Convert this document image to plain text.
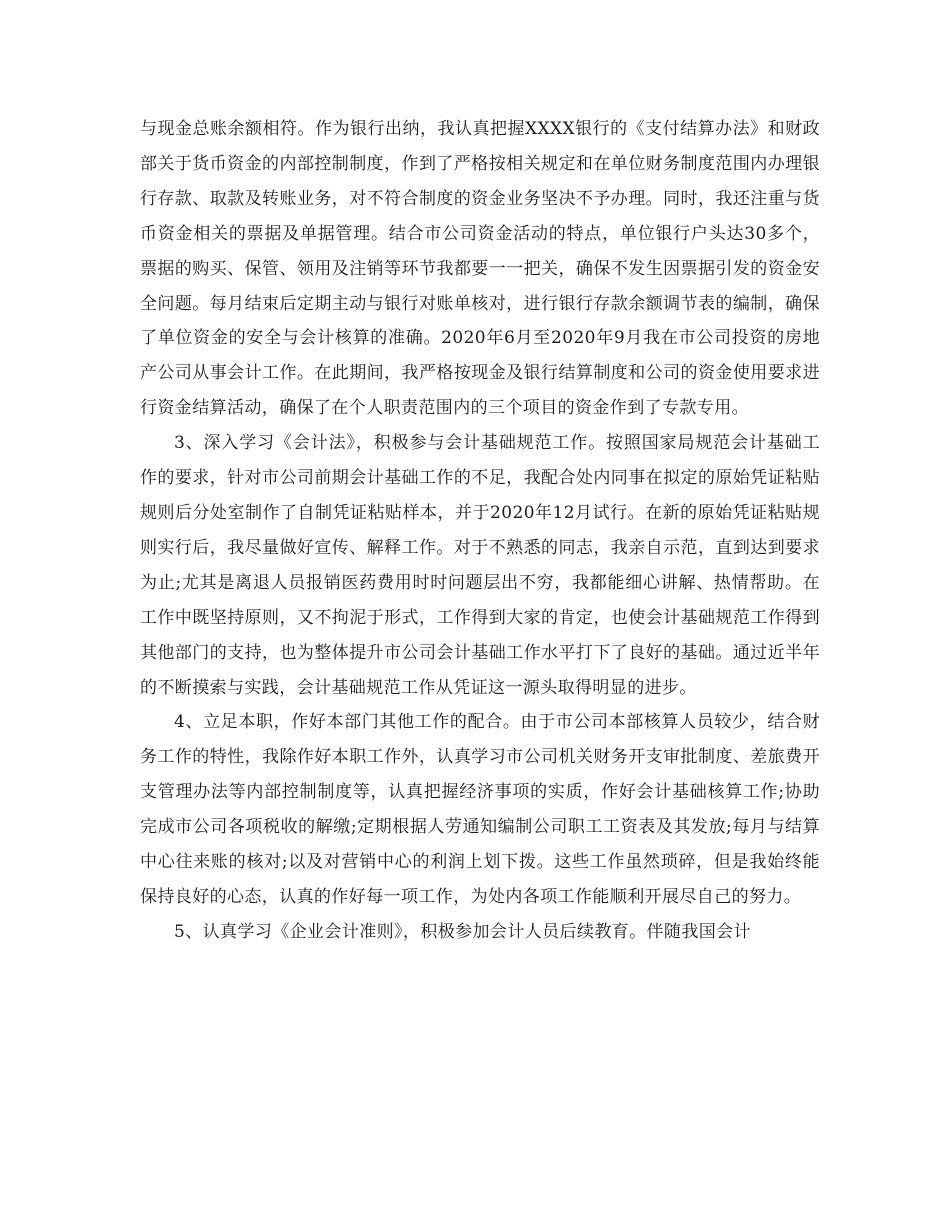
与现金总账余额相符。作为银行出纳，我认真把握XXXX银行的《支付结算办法》和财政部关于货币资金的内部控制制度，作到了严格按相关规定和在单位财务制度范围内办理银行存款、取款及转账业务，对不符合制度的资金业务坚决不予办理。同时，我还注重与货币资金相关的票据及单据管理。结合市公司资金活动的特点，单位银行户头达30多个，票据的购买、保管、领用及注销等环节我都要一一把关，确保不发生因票据引发的资金安全问题。每月结束后定期主动与银行对账单核对，进行银行存款余额调节表的编制，确保了单位资金的安全与会计核算的准确。2020年6月至2020年9月我在市公司投资的房地产公司从事会计工作。在此期间，我严格按现金及银行结算制度和公司的资金使用要求进行资金结算活动，确保了在个人职责范围内的三个项目的资金作到了专款专用。

3、深入学习《会计法》，积极参与会计基础规范工作。按照国家局规范会计基础工作的要求，针对市公司前期会计基础工作的不足，我配合处内同事在拟定的原始凭证粘贴规则后分处室制作了自制凭证粘贴样本，并于2020年12月试行。在新的原始凭证粘贴规则实行后，我尽量做好宣传、解释工作。对于不熟悉的同志，我亲自示范，直到达到要求为止;尤其是离退人员报销医药费用时时问题层出不穷，我都能细心讲解、热情帮助。在工作中既坚持原则，又不拘泥于形式，工作得到大家的肯定，也使会计基础规范工作得到其他部门的支持，也为整体提升市公司会计基础工作水平打下了良好的基础。通过近半年的不断摸索与实践，会计基础规范工作从凭证这一源头取得明显的进步。

4、立足本职，作好本部门其他工作的配合。由于市公司本部核算人员较少，结合财务工作的特性，我除作好本职工作外，认真学习市公司机关财务开支审批制度、差旅费开支管理办法等内部控制制度等，认真把握经济事项的实质，作好会计基础核算工作;协助完成市公司各项税收的解缴;定期根据人劳通知编制公司职工工资表及其发放;每月与结算中心往来账的核对;以及对营销中心的利润上划下拨。这些工作虽然琐碎，但是我始终能保持良好的心态，认真的作好每一项工作，为处内各项工作能顺利开展尽自己的努力。

5、认真学习《企业会计准则》，积极参加会计人员后续教育。伴随我国会计
